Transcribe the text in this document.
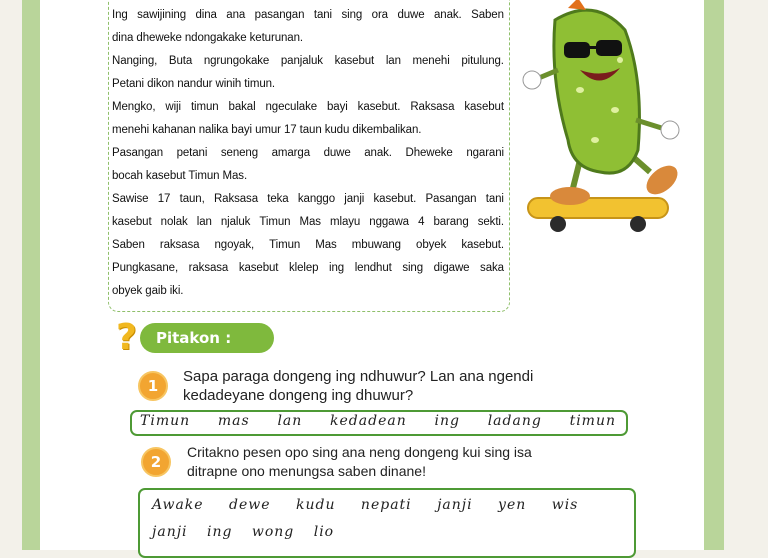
Ing sawijining dina ana pasangan tani sing ora duwe anak. Saben
dina dheweke ndongakake keturunan.
Nanging, Buta ngrungokake panjaluk kasebut lan menehi pitulung.
Petani dikon nandur winih timun.
Mengko, wiji timun bakal ngeculake bayi kasebut. Raksasa kasebut
menehi kahanan nalika bayi umur 17 taun kudu dikembalikan.
Pasangan petani seneng amarga duwe anak. Dheweke ngarani
bocah kasebut Timun Mas.
Sawise 17 taun, Raksasa teka kanggo janji kasebut. Pasangan tani
kasebut nolak lan njaluk Timun Mas mlayu nggawa 4 barang sekti.
Saben raksasa ngoyak, Timun Mas mbuwang obyek kasebut.
Pungkasane, raksasa kasebut klelep ing lendhut sing digawe saka
obyek gaib iki.
? Pitakon :
1
Sapa paraga dongeng ing ndhuwur? Lan ana ngendi
kedadeyane dongeng ing dhuwur?
Timun mas lan kedadean ing ladang timun
2
Critakno pesen opo sing ana neng dongeng kui sing isa
ditrapne ono menungsa saben dinane!
Awake dewe kudu nepati janji yen wis
janji ing wong lio
